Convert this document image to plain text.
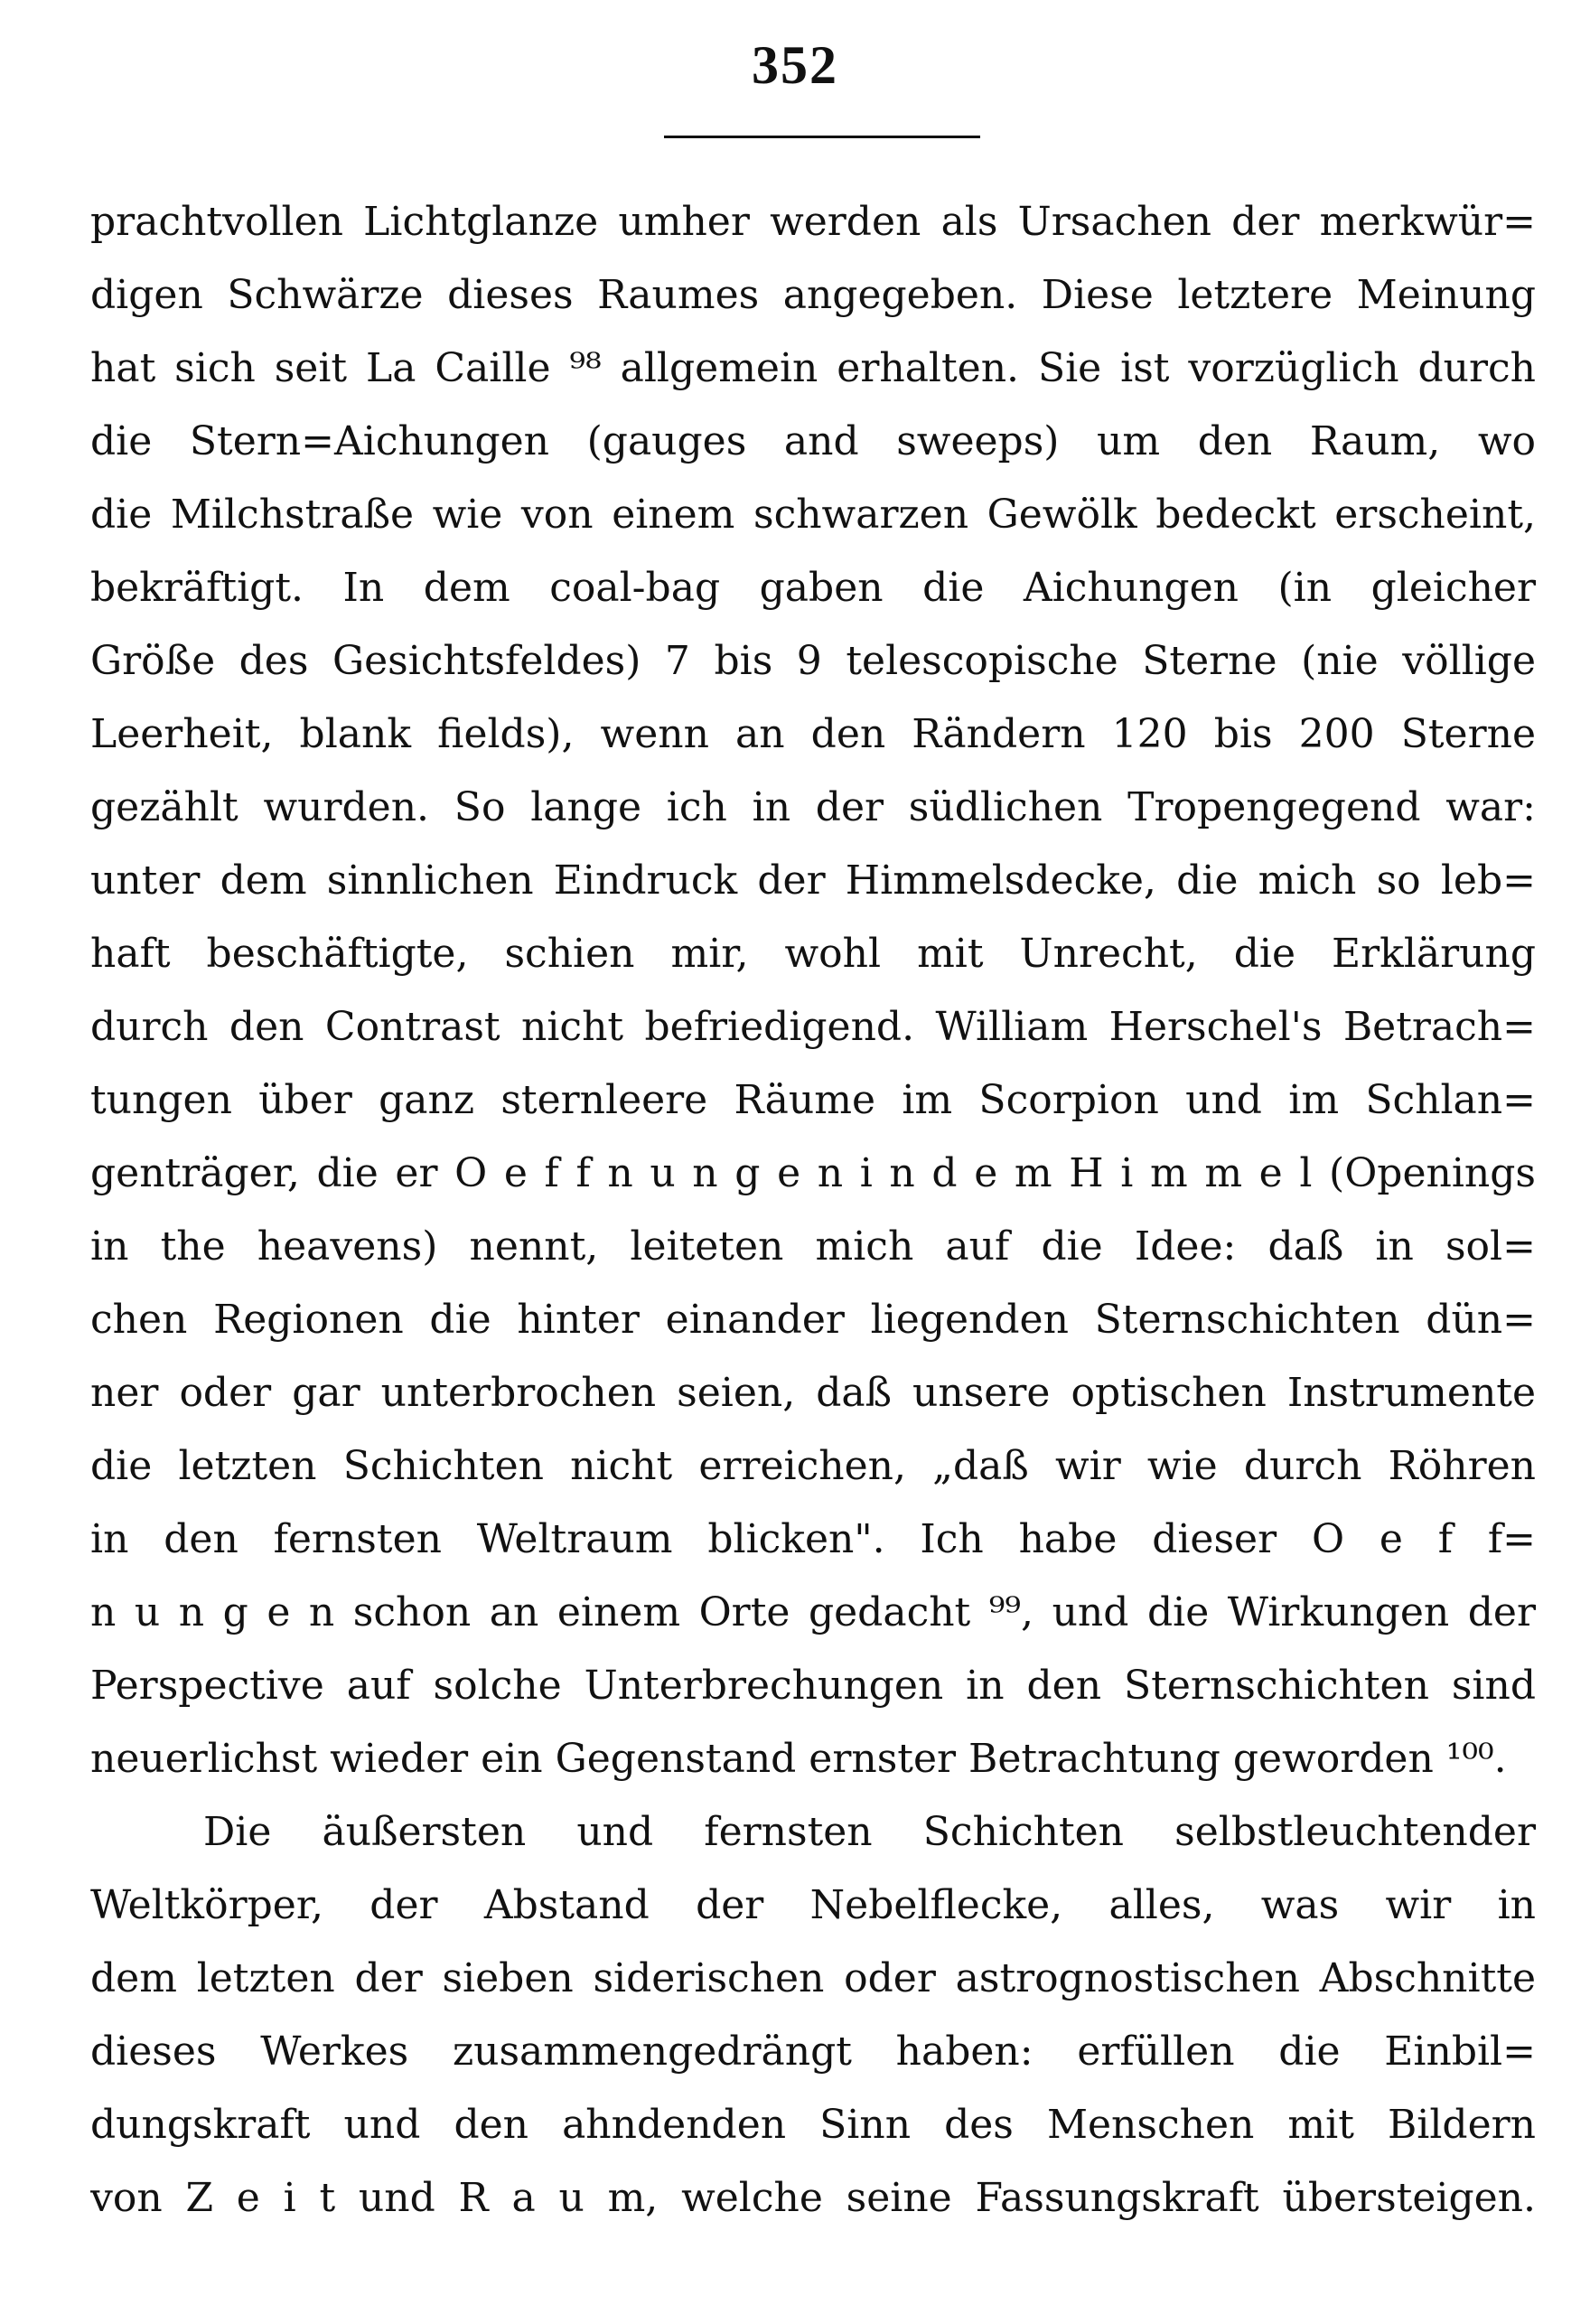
352
prachtvollen Lichtglanze umher werden als Ursachen der merkwür=
digen Schwärze dieses Raumes angegeben. Diese letztere Meinung
hat sich seit La Caille ⁹⁸ allgemein erhalten. Sie ist vorzüglich durch
die Stern=Aichungen (gauges and sweeps) um den Raum, wo
die Milchstraße wie von einem schwarzen Gewölk bedeckt erscheint,
bekräftigt. In dem coal-bag gaben die Aichungen (in gleicher
Größe des Gesichtsfeldes) 7 bis 9 telescopische Sterne (nie völlige
Leerheit, blank fields), wenn an den Rändern 120 bis 200 Sterne
gezählt wurden. So lange ich in der südlichen Tropengegend war:
unter dem sinnlichen Eindruck der Himmelsdecke, die mich so leb=
haft beschäftigte, schien mir, wohl mit Unrecht, die Erklärung
durch den Contrast nicht befriedigend. William Herschel's Betrach=
tungen über ganz sternleere Räume im Scorpion und im Schlan=
genträger, die er O e f f n u n g e n i n d e m H i m m e l (Openings
in the heavens) nennt, leiteten mich auf die Idee: daß in sol=
chen Regionen die hinter einander liegenden Sternschichten dün=
ner oder gar unterbrochen seien, daß unsere optischen Instrumente
die letzten Schichten nicht erreichen, „daß wir wie durch Röhren
in den fernsten Weltraum blicken". Ich habe dieser O e f f=
n u n g e n schon an einem Orte gedacht ⁹⁹, und die Wirkungen der
Perspective auf solche Unterbrechungen in den Sternschichten sind
neuerlichst wieder ein Gegenstand ernster Betrachtung geworden ¹⁰⁰.
Die äußersten und fernsten Schichten selbstleuchtender
Weltkörper, der Abstand der Nebelflecke, alles, was wir in
dem letzten der sieben siderischen oder astrognostischen Abschnitte
dieses Werkes zusammengedrängt haben: erfüllen die Einbil=
dungskraft und den ahndenden Sinn des Menschen mit Bildern
von Z e i t und R a u m, welche seine Fassungskraft übersteigen.
